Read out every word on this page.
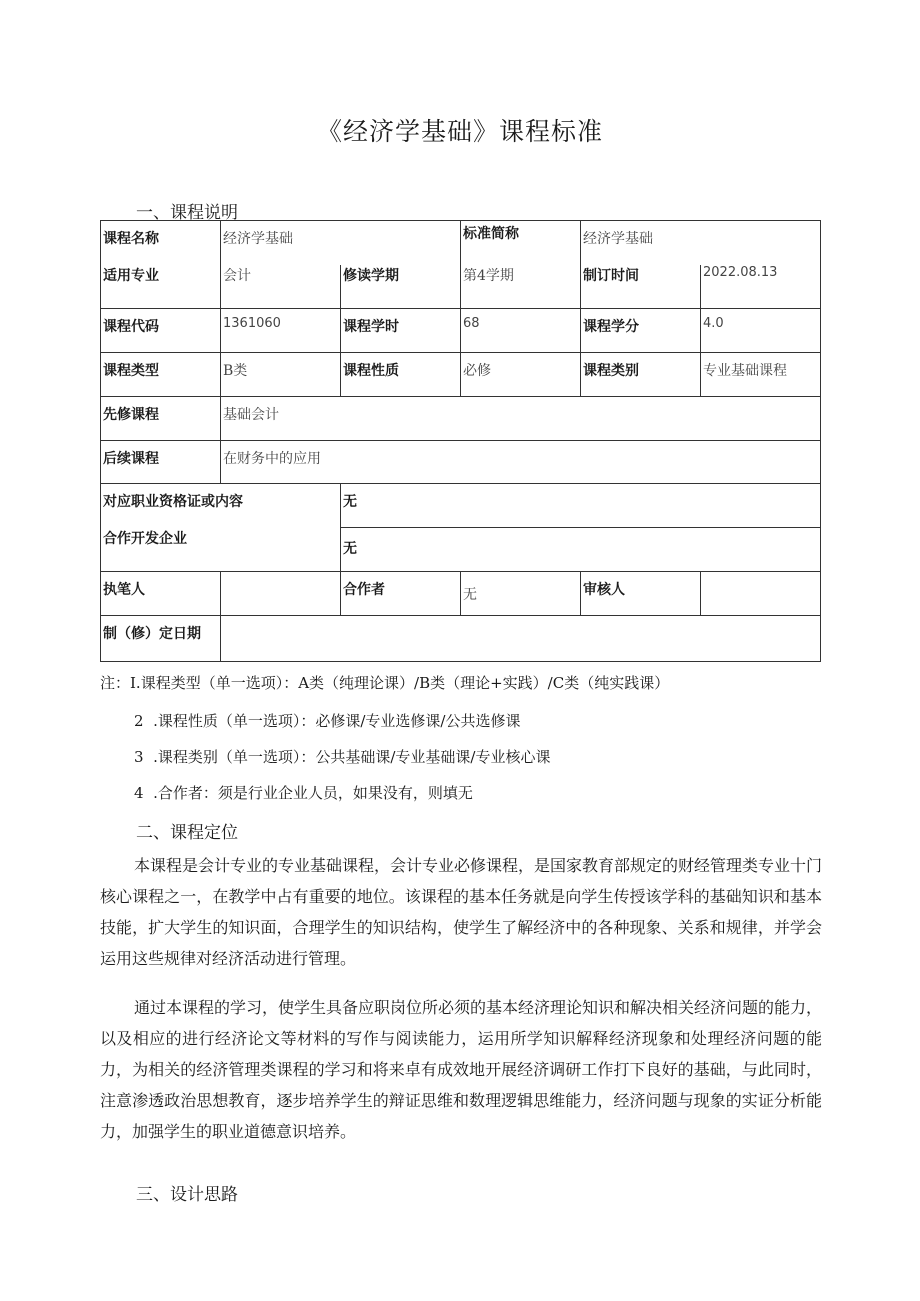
《经济学基础》课程标准
一、课程说明
课程名称	经济学基础		标准简称	经济学基础	
适用专业	会计	修读学期	第4学期	制订时间	2022.08.13
课程代码	1361060	课程学时	68	课程学分	4.0
课程类型	B类	课程性质	必修	课程类别	专业基础课程
先修课程	基础会计				
后续课程	在财务中的应用				
对应职业资格证或内容		无			
合作开发企业		无			
执笔人		合作者	无	审核人	
制（修）定日期					
注：I.课程类型（单一选项）：A类（纯理论课）/B类（理论+实践）/C类（纯实践课）
2  .课程性质（单一选项）：必修课/专业选修课/公共选修课
3  .课程类别（单一选项）：公共基础课/专业基础课/专业核心课
4  .合作者：须是行业企业人员，如果没有，则填无
二、课程定位

本课程是会计专业的专业基础课程，会计专业必修课程，是国家教育部规定的财经管理类专业十门核心课程之一，在教学中占有重要的地位。该课程的基本任务就是向学生传授该学科的基础知识和基本技能，扩大学生的知识面，合理学生的知识结构，使学生了解经济中的各种现象、关系和规律，并学会运用这些规律对经济活动进行管理。

通过本课程的学习，使学生具备应职岗位所必须的基本经济理论知识和解决相关经济问题的能力，以及相应的进行经济论文等材料的写作与阅读能力，运用所学知识解释经济现象和处理经济问题的能力，为相关的经济管理类课程的学习和将来卓有成效地开展经济调研工作打下良好的基础，与此同时，注意渗透政治思想教育，逐步培养学生的辩证思维和数理逻辑思维能力，经济问题与现象的实证分析能力，加强学生的职业道德意识培养。

三、设计思路
